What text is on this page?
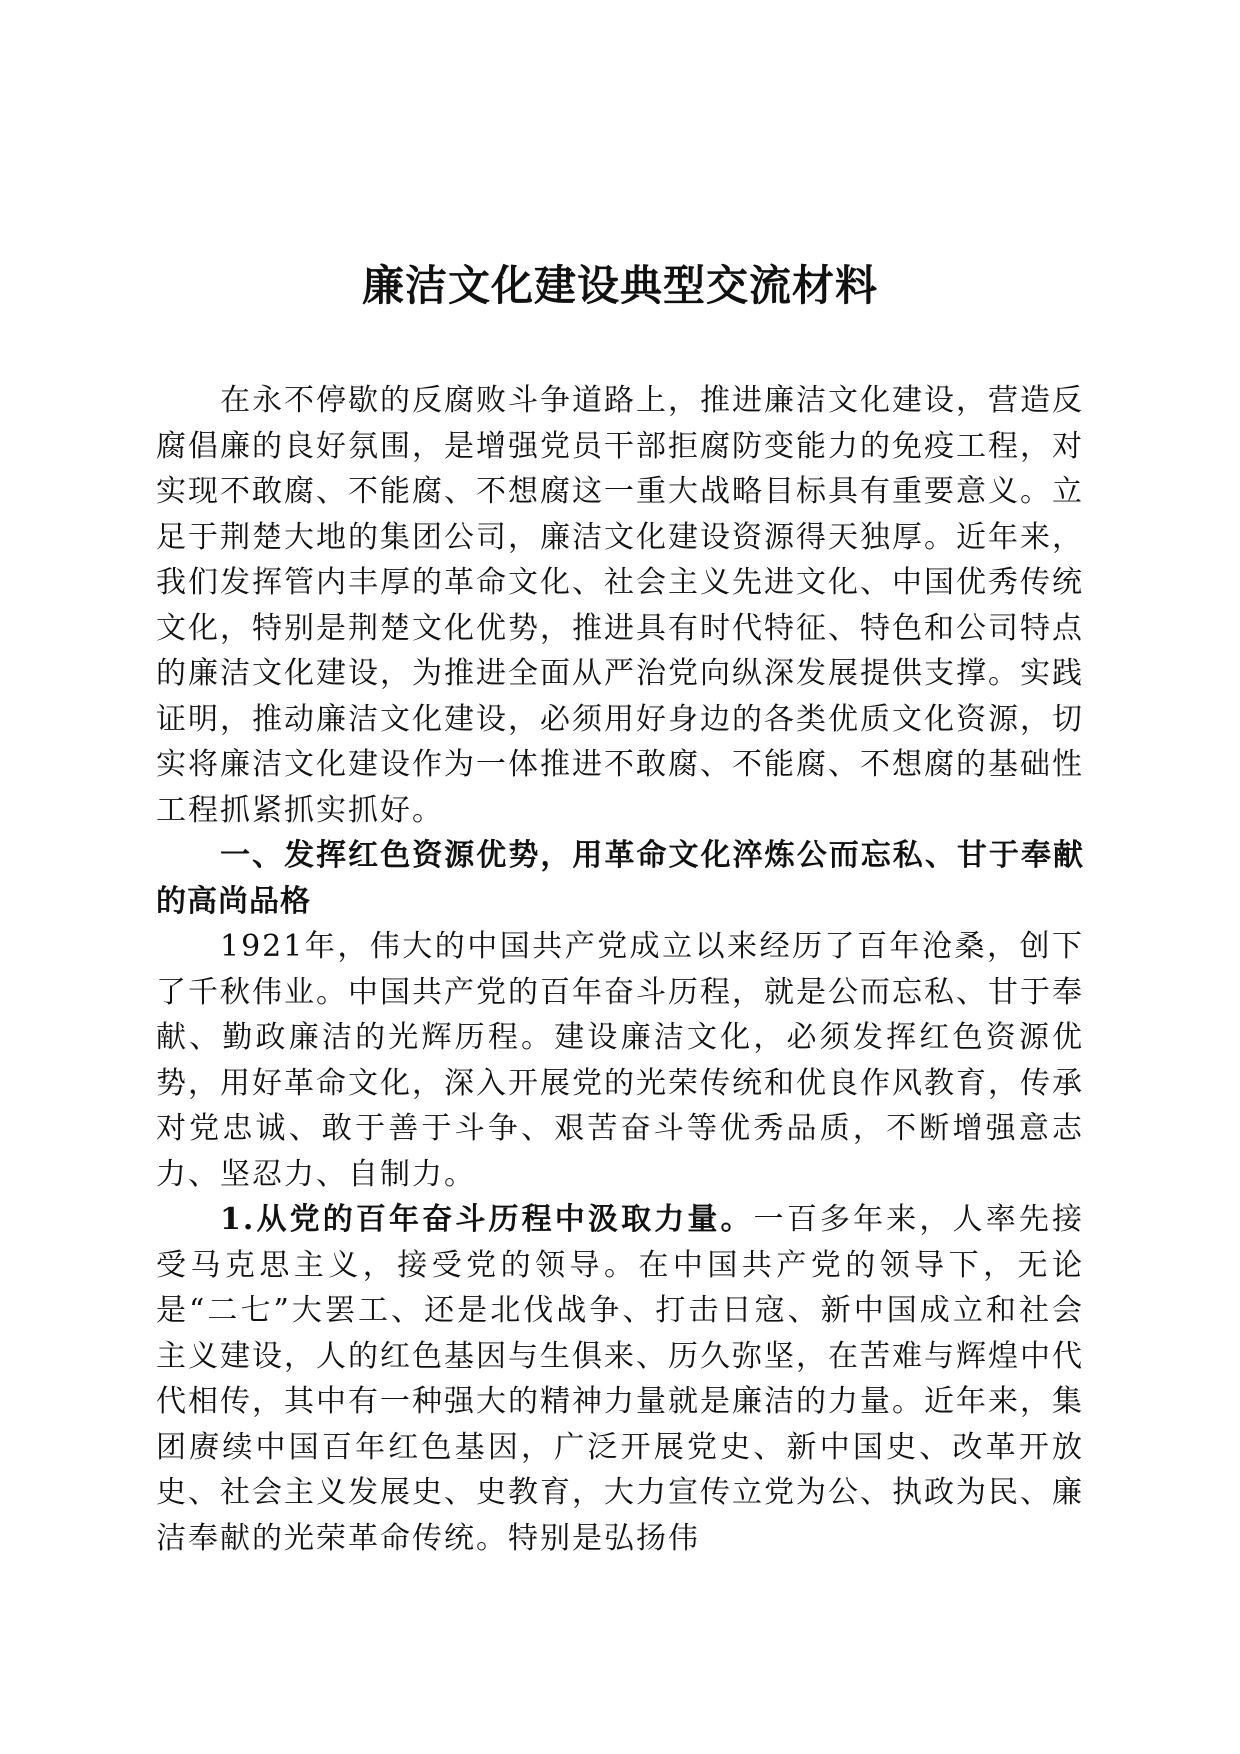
廉洁文化建设典型交流材料

在永不停歇的反腐败斗争道路上，推进廉洁文化建设，营造反腐倡廉的良好氛围，是增强党员干部拒腐防变能力的免疫工程，对实现不敢腐、不能腐、不想腐这一重大战略目标具有重要意义。立足于荆楚大地的集团公司，廉洁文化建设资源得天独厚。近年来，我们发挥管内丰厚的革命文化、社会主义先进文化、中国优秀传统文化，特别是荆楚文化优势，推进具有时代特征、特色和公司特点的廉洁文化建设，为推进全面从严治党向纵深发展提供支撑。实践证明，推动廉洁文化建设，必须用好身边的各类优质文化资源，切实将廉洁文化建设作为一体推进不敢腐、不能腐、不想腐的基础性工程抓紧抓实抓好。

一、发挥红色资源优势，用革命文化淬炼公而忘私、甘于奉献的高尚品格

1921年，伟大的中国共产党成立以来经历了百年沧桑，创下了千秋伟业。中国共产党的百年奋斗历程，就是公而忘私、甘于奉献、勤政廉洁的光辉历程。建设廉洁文化，必须发挥红色资源优势，用好革命文化，深入开展党的光荣传统和优良作风教育，传承对党忠诚、敢于善于斗争、艰苦奋斗等优秀品质，不断增强意志力、坚忍力、自制力。

1.从党的百年奋斗历程中汲取力量。一百多年来，人率先接受马克思主义，接受党的领导。在中国共产党的领导下，无论是“二七”大罢工、还是北伐战争、打击日寇、新中国成立和社会主义建设，人的红色基因与生俱来、历久弥坚，在苦难与辉煌中代代相传，其中有一种强大的精神力量就是廉洁的力量。近年来，集团赓续中国百年红色基因，广泛开展党史、新中国史、改革开放史、社会主义发展史、史教育，大力宣传立党为公、执政为民、廉洁奉献的光荣革命传统。特别是弘扬伟
